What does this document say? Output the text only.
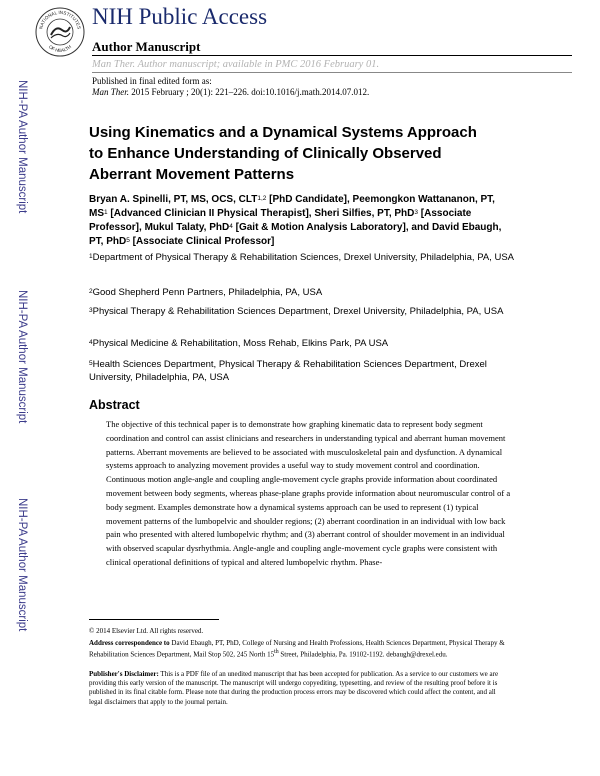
NATIONAL INSTITUTES
OF HEALTH
NIH Public Access
Author Manuscript
Man Ther. Author manuscript; available in PMC 2016 February 01.
Published in final edited form as:
Man Ther. 2015 February ; 20(1): 221–226. doi:10.1016/j.math.2014.07.012.
NIH-PA Author Manuscript
NIH-PA Author Manuscript
NIH-PA Author Manuscript
Using Kinematics and a Dynamical Systems Approach to Enhance Understanding of Clinically Observed Aberrant Movement Patterns
Bryan A. Spinelli, PT, MS, OCS, CLT$^{1,2}$ [PhD Candidate], Peemongkon Wattananon, PT, $MS^1$ [Advanced Clinician II Physical Therapist], Sheri Silfies, PT, PhD$^3$ [Associate Professor], Mukul Talaty, PhD$^4$ [Gait & Motion Analysis Laboratory], and David Ebaugh, PT, PhD$^5$ [Associate Clinical Professor]
$^1$Department of Physical Therapy & Rehabilitation Sciences, Drexel University, Philadelphia, PA, USA
$^2$Good Shepherd Penn Partners, Philadelphia, PA, USA
$^3$Physical Therapy & Rehabilitation Sciences Department, Drexel University, Philadelphia, PA, USA
$^4$Physical Medicine & Rehabilitation, Moss Rehab, Elkins Park, PA USA
$^5$Health Sciences Department, Physical Therapy & Rehabilitation Sciences Department, Drexel University, Philadelphia, PA, USA
Abstract
The objective of this technical paper is to demonstrate how graphing kinematic data to represent body segment coordination and control can assist clinicians and researchers in understanding typical and aberrant human movement patterns. Aberrant movements are believed to be associated with musculoskeletal pain and dysfunction. A dynamical systems approach to analyzing movement provides a useful way to study movement control and coordination. Continuous motion angle-angle and coupling angle-movement cycle graphs provide information about coordinated movement between body segments, whereas phase-plane graphs provide information about neuromuscular control of a body segment. Examples demonstrate how a dynamical systems approach can be used to represent (1) typical movement patterns of the lumbopelvic and shoulder regions; (2) aberrant coordination in an individual with low back pain who presented with altered lumbopelvic rhythm; and (3) aberrant control of shoulder movement in an individual with observed scapular dysrhythmia. Angle-angle and coupling angle-movement cycle graphs were consistent with clinical operational definitions of typical and altered lumbopelvic rhythm. Phase-
© 2014 Elsevier Ltd. All rights reserved.
Address correspondence to David Ebaugh, PT, PhD, College of Nursing and Health Professions, Health Sciences Department, Physical Therapy & Rehabilitation Sciences Department, Mail Stop 502, 245 North 15th Street, Philadelphia, Pa. 19102-1192. debaugh@drexel.edu.
Publisher's Disclaimer: This is a PDF file of an unedited manuscript that has been accepted for publication. As a service to our customers we are providing this early version of the manuscript. The manuscript will undergo copyediting, typesetting, and review of the resulting proof before it is published in its final citable form. Please note that during the production process errors may be discovered which could affect the content, and all legal disclaimers that apply to the journal pertain.
